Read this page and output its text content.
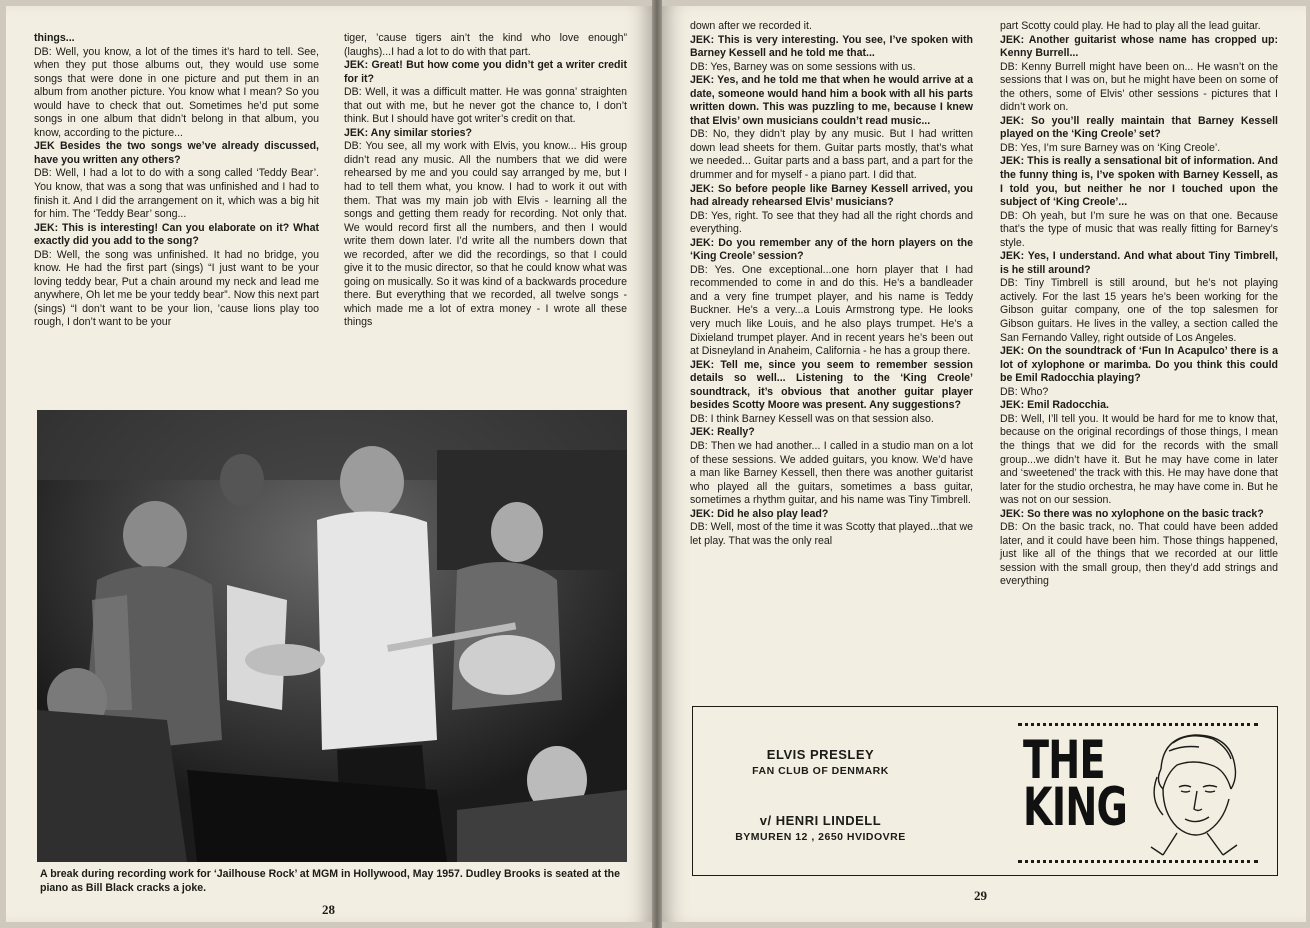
things...

DB: Well, you know, a lot of the times it’s hard to tell. See, when they put those albums out, they would use some songs that were done in one picture and put them in an album from another picture. You know what I mean? So you would have to check that out. Sometimes he’d put some songs in one album that didn’t belong in that album, you know, according to the picture...

JEK Besides the two songs we’ve already discussed, have you written any others?

DB: Well, I had a lot to do with a song called ‘Teddy Bear’. You know, that was a song that was unfinished and I had to finish it. And I did the arrangement on it, which was a big hit for him. The ‘Teddy Bear’ song...

JEK: This is interesting! Can you elaborate on it? What exactly did you add to the song?

DB: Well, the song was unfinished. It had no bridge, you know. He had the first part (sings) “I just want to be your loving teddy bear, Put a chain around my neck and lead me anywhere, Oh let me be your teddy bear”. Now this next part (sings) “I don’t want to be your lion, ’cause lions play too rough, I don’t want to be your

tiger, ’cause tigers ain’t the kind who love enough” (laughs)...I had a lot to do with that part.

JEK: Great! But how come you didn’t get a writer credit for it?

DB: Well, it was a difficult matter. He was gonna’ straighten that out with me, but he never got the chance to, I don’t think. But I should have got writer’s credit on that.

JEK: Any similar stories?

DB: You see, all my work with Elvis, you know... His group didn’t read any music. All the numbers that we did were rehearsed by me and you could say arranged by me, but I had to tell them what, you know. I had to work it out with them. That was my main job with Elvis - learning all the songs and getting them ready for recording. Not only that. We would record first all the numbers, and then I would write them down later. I’d write all the numbers down that we recorded, after we did the recordings, so that I could give it to the music director, so that he could know what was going on musically. So it was kind of a backwards procedure there. But everything that we recorded, all twelve songs - which made me a lot of extra money - I wrote all these things

A break during recording work for ‘Jailhouse Rock’ at MGM in Hollywood, May 1957. Dudley Brooks is seated at the piano as Bill Black cracks a joke.
28

down after we recorded it.

JEK: This is very interesting. You see, I’ve spoken with Barney Kessell and he told me that...

DB: Yes, Barney was on some sessions with us.

JEK: Yes, and he told me that when he would arrive at a date, someone would hand him a book with all his parts written down. This was puzzling to me, because I knew that Elvis’ own musicians couldn’t read music...

DB: No, they didn’t play by any music. But I had written down lead sheets for them. Guitar parts mostly, that’s what we needed... Guitar parts and a bass part, and a part for the drummer and for myself - a piano part. I did that.

JEK: So before people like Barney Kessell arrived, you had already rehearsed Elvis’ musicians?

DB: Yes, right. To see that they had all the right chords and everything.

JEK: Do you remember any of the horn players on the ‘King Creole’ session?

DB: Yes. One exceptional...one horn player that I had recommended to come in and do this. He’s a bandleader and a very fine trumpet player, and his name is Teddy Buckner. He’s a very...a Louis Armstrong type. He looks very much like Louis, and he also plays trumpet. He’s a Dixieland trumpet player. And in recent years he’s been out at Disneyland in Anaheim, California - he has a group there.

JEK: Tell me, since you seem to remember session details so well... Listening to the ‘King Creole’ soundtrack, it’s obvious that another guitar player besides Scotty Moore was present. Any suggestions?

DB: I think Barney Kessell was on that session also.

JEK: Really?

DB: Then we had another... I called in a studio man on a lot of these sessions. We added guitars, you know. We’d have a man like Barney Kessell, then there was another guitarist who played all the guitars, sometimes a bass guitar, sometimes a rhythm guitar, and his name was Tiny Timbrell.

JEK: Did he also play lead?

DB: Well, most of the time it was Scotty that played...that we let play. That was the only real

part Scotty could play. He had to play all the lead guitar.

JEK: Another guitarist whose name has cropped up: Kenny Burrell...

DB: Kenny Burrell might have been on... He wasn’t on the sessions that I was on, but he might have been on some of the others, some of Elvis’ other sessions - pictures that I didn’t work on.

JEK: So you’ll really maintain that Barney Kessell played on the ‘King Creole’ set?

DB: Yes, I’m sure Barney was on ‘King Creole’.

JEK: This is really a sensational bit of information. And the funny thing is, I’ve spoken with Barney Kessell, as I told you, but neither he nor I touched upon the subject of ‘King Creole’...

DB: Oh yeah, but I’m sure he was on that one. Because that’s the type of music that was really fitting for Barney’s style.

JEK: Yes, I understand. And what about Tiny Timbrell, is he still around?

DB: Tiny Timbrell is still around, but he’s not playing actively. For the last 15 years he’s been working for the Gibson guitar company, one of the top salesmen for Gibson guitars. He lives in the valley, a section called the San Fernando Valley, right outside of Los Angeles.

JEK: On the soundtrack of ‘Fun In Acapulco’ there is a lot of xylophone or marimba. Do you think this could be Emil Radocchia playing?

DB: Who?

JEK: Emil Radocchia.

DB: Well, I’ll tell you. It would be hard for me to know that, because on the original recordings of those things, I mean the things that we did for the records with the small group...we didn’t have it. But he may have come in later and ‘sweetened’ the track with this. He may have done that later for the studio orchestra, he may have come in. But he was not on our session.

JEK: So there was no xylophone on the basic track?

DB: On the basic track, no. That could have been added later, and it could have been him. Those things happened, just like all of the things that we recorded at our little session with the small group, then they’d add strings and everything

ELVIS PRESLEY
FAN CLUB OF DENMARK
v/ HENRI LINDELL
BYMUREN 12 , 2650 HVIDOVRE
THE
KING
29
